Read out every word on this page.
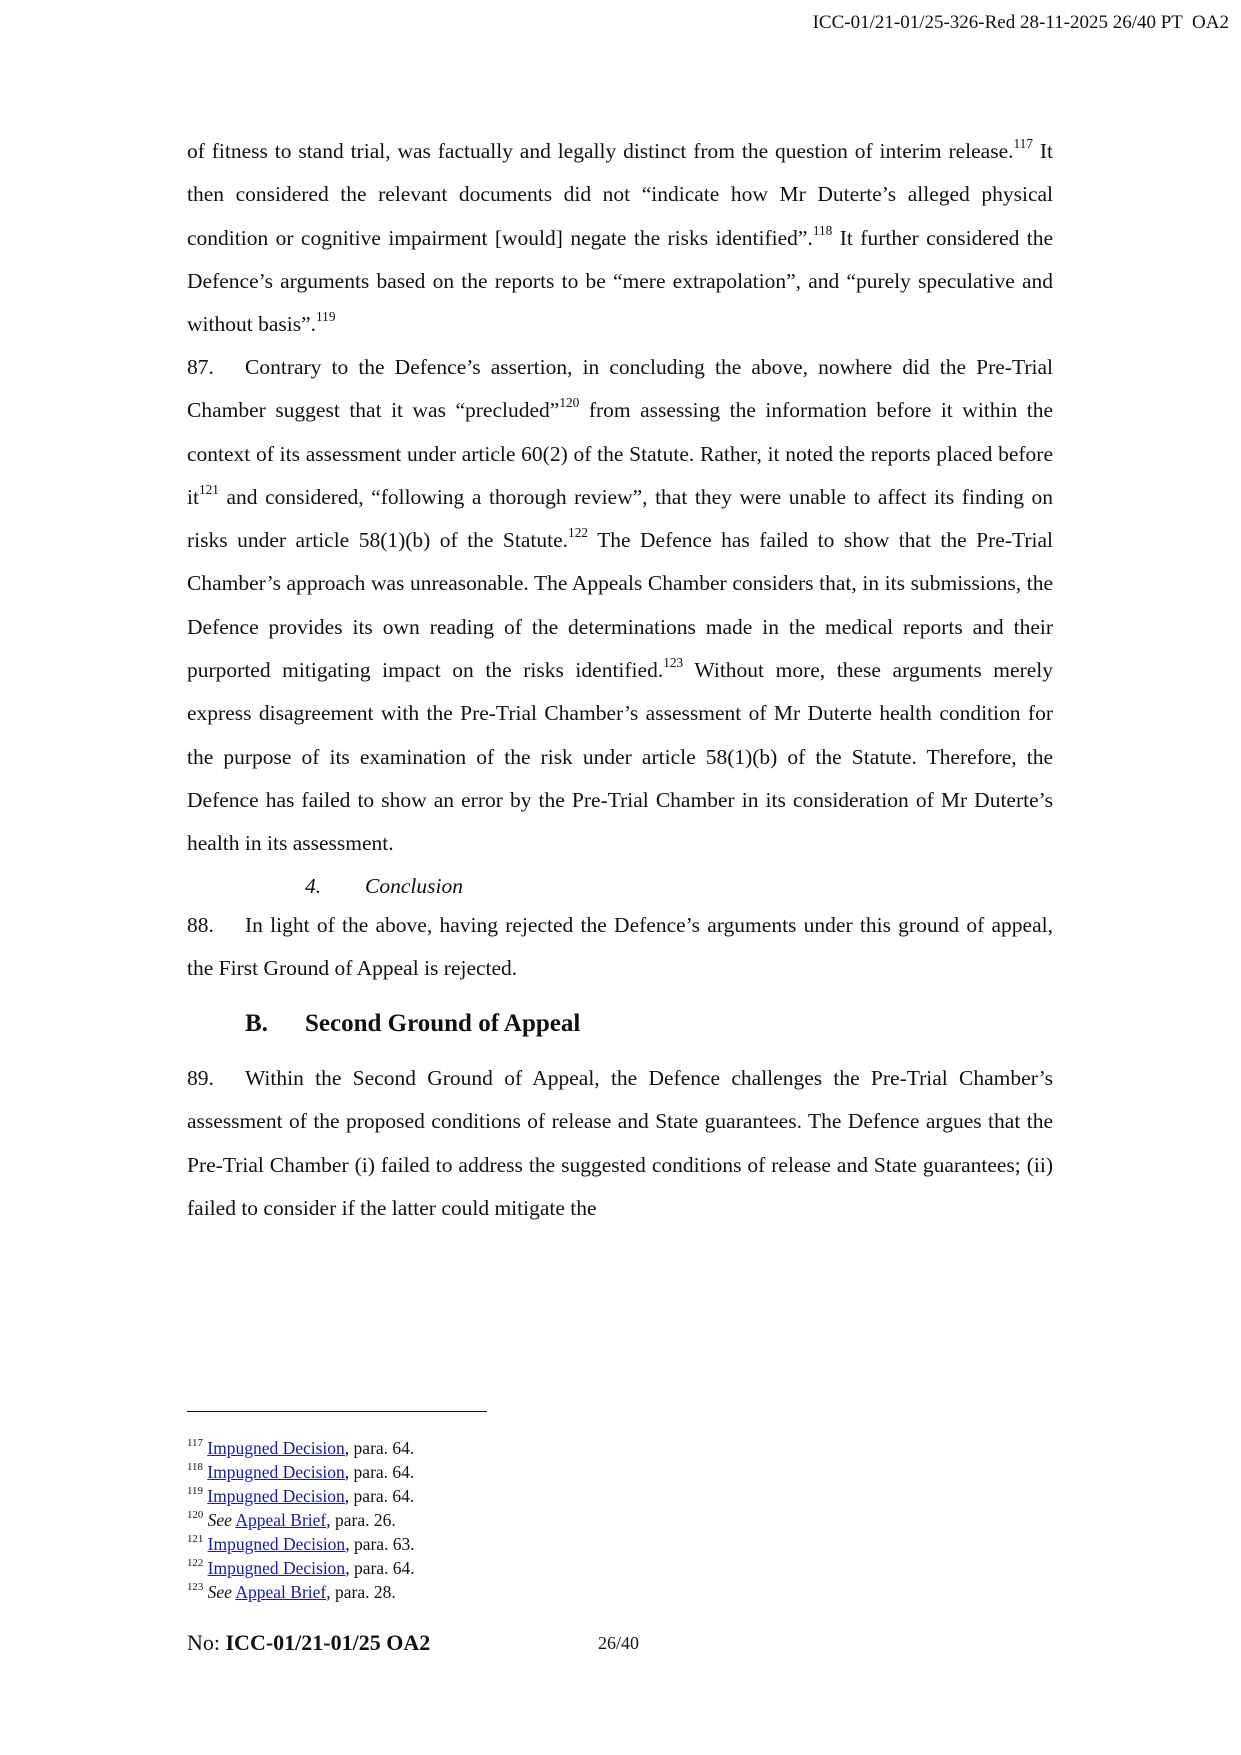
ICC-01/21-01/25-326-Red 28-11-2025 26/40 PT  OA2

of fitness to stand trial, was factually and legally distinct from the question of interim release.$^{117}$ It then considered the relevant documents did not “indicate how Mr Duterte’s alleged physical condition or cognitive impairment [would] negate the risks identified”.$^{118}$ It further considered the Defence’s arguments based on the reports to be “mere extrapolation”, and “purely speculative and without basis”.$^{119}$

87. Contrary to the Defence’s assertion, in concluding the above, nowhere did the Pre-Trial Chamber suggest that it was “precluded”$^{120}$ from assessing the information before it within the context of its assessment under article 60(2) of the Statute. Rather, it noted the reports placed before $it^{121}$ and considered, “following a thorough review”, that they were unable to affect its finding on risks under article 58(1)(b) of the Statute.$^{122}$ The Defence has failed to show that the Pre-Trial Chamber’s approach was unreasonable. The Appeals Chamber considers that, in its submissions, the Defence provides its own reading of the determinations made in the medical reports and their purported mitigating impact on the risks identified.$^{123}$ Without more, these arguments merely express disagreement with the Pre-Trial Chamber’s assessment of Mr Duterte health condition for the purpose of its examination of the risk under article 58(1)(b) of the Statute. Therefore, the Defence has failed to show an error by the Pre-Trial Chamber in its consideration of Mr Duterte’s health in its assessment.

4. Conclusion

88. In light of the above, having rejected the Defence’s arguments under this ground of appeal, the First Ground of Appeal is rejected.

B. Second Ground of Appeal

89. Within the Second Ground of Appeal, the Defence challenges the Pre-Trial Chamber’s assessment of the proposed conditions of release and State guarantees. The Defence argues that the Pre-Trial Chamber (i) failed to address the suggested conditions of release and State guarantees; (ii) failed to consider if the latter could mitigate the

$^{117}$ Impugned Decision, para. 64.
$^{118}$ Impugned Decision, para. 64.
$^{119}$ Impugned Decision, para. 64.
$^{120}$ See Appeal Brief, para. 26.
$^{121}$ Impugned Decision, para. 63.
$^{122}$ Impugned Decision, para. 64.
$^{123}$ See Appeal Brief, para. 28.
No: ICC-01/21-01/25 OA2	26/40
